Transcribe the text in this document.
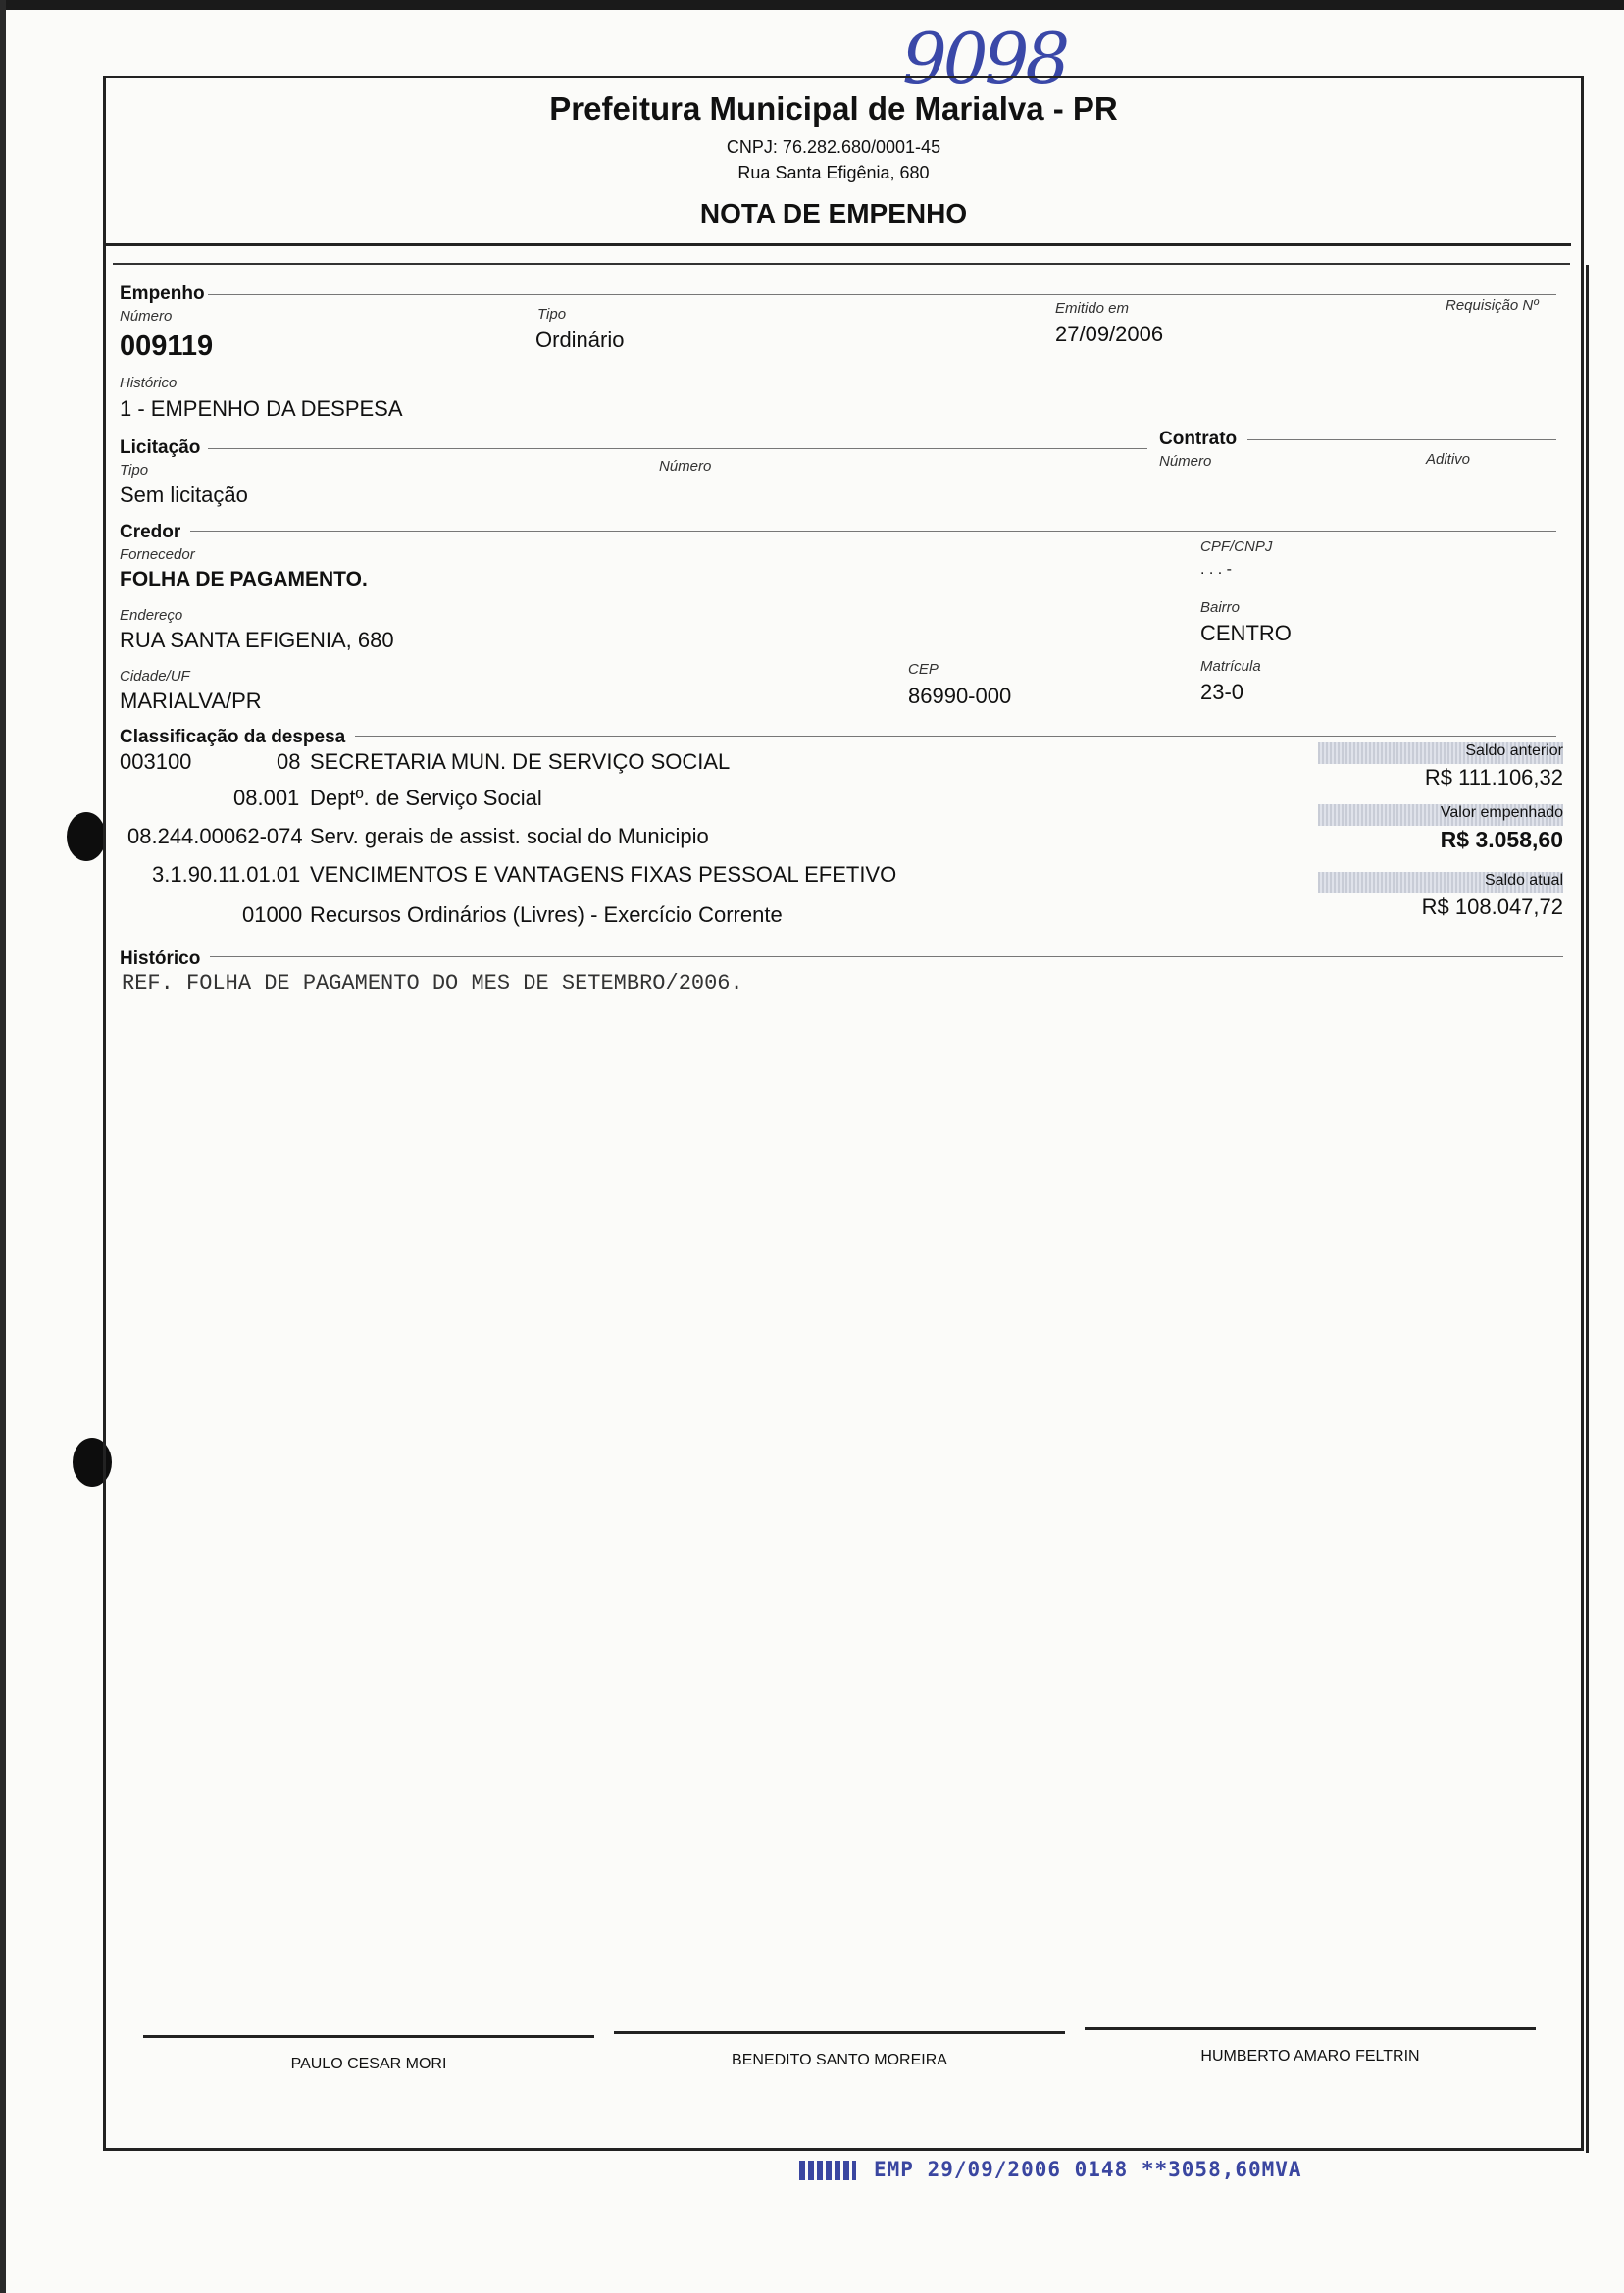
9098
Prefeitura Municipal de Marialva - PR
CNPJ: 76.282.680/0001-45
Rua Santa Efigênia, 680
NOTA DE EMPENHO
Empenho
Número
009119
Tipo
Ordinário
Emitido em
27/09/2006
Requisição Nº
Histórico
1 - EMPENHO DA DESPESA
Licitação
Tipo
Sem licitação
Número
Contrato
Número	Aditivo
Credor
Fornecedor
FOLHA DE PAGAMENTO.
CPF/CNPJ
. . . -
Endereço
RUA SANTA EFIGENIA, 680
Bairro
CENTRO
Cidade/UF
MARIALVA/PR
CEP
86990-000
Matrícula
23-0
Classificação da despesa
003100	08 SECRETARIA MUN. DE SERVIÇO SOCIAL
08.001 Deptº. de Serviço Social
08.244.00062-074 Serv. gerais de assist. social do Municipio
3.1.90.11.01.01 VENCIMENTOS E VANTAGENS FIXAS PESSOAL EFETIVO
01000 Recursos Ordinários (Livres) - Exercício Corrente
Saldo anterior
R$ 111.106,32
Valor empenhado
R$ 3.058,60
Saldo atual
R$ 108.047,72
Histórico
REF. FOLHA DE PAGAMENTO DO MES DE SETEMBRO/2006.
PAULO CESAR MORI	BENEDITO SANTO MOREIRA	HUMBERTO AMARO FELTRIN
EMP 29/09/2006 0148 **3058,60MVA
